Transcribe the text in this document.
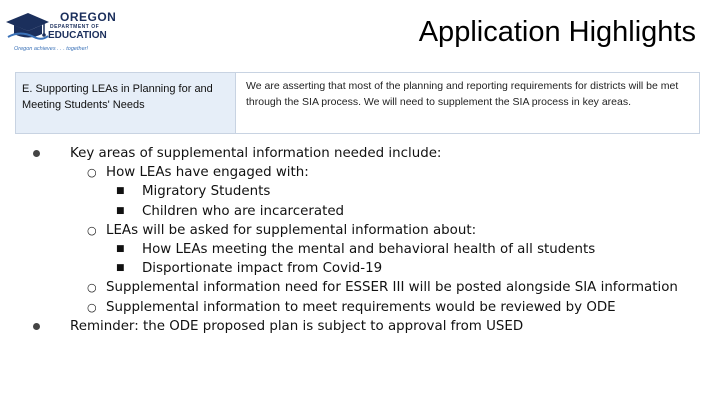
OREGON
DEPARTMENT OF
EDUCATION
Oregon achieves . . . together!
Application Highlights
E. Supporting LEAs in Planning for and Meeting Students' Needs
We are asserting that most of the planning and reporting requirements for districts will be met through the SIA process. We will need to supplement the SIA process in key areas.
Key areas of supplemental information needed include:
○ How LEAs have engaged with:
■ Migratory Students
■ Children who are incarcerated
○ LEAs will be asked for supplemental information about:
■ How LEAs meeting the mental and behavioral health of all students
■ Disportionate impact from Covid-19
○ Supplemental information need for ESSER III will be posted alongside SIA information
○ Supplemental information to meet requirements would be reviewed by ODE
Reminder: the ODE proposed plan is subject to approval from USED
